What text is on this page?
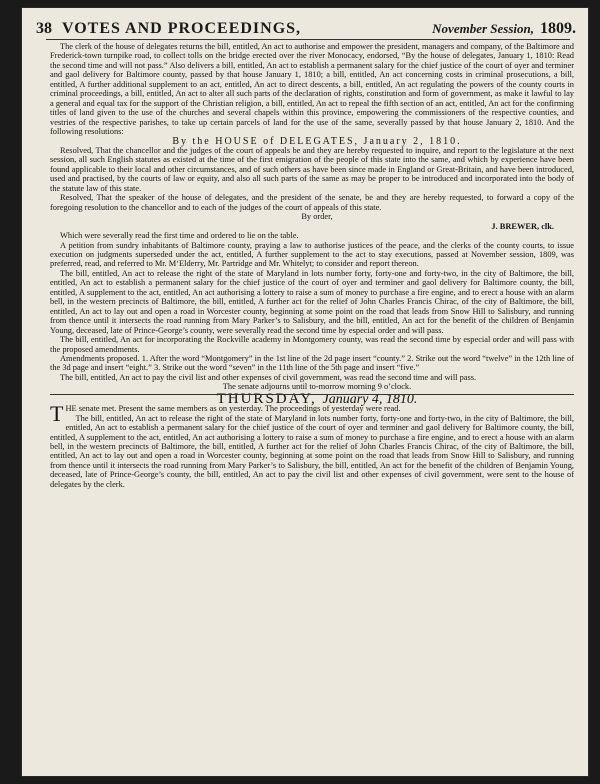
38 VOTES AND PROCEEDINGS,	November Session, 1809.

The clerk of the house of delegates returns the bill, entitled, An act to authorise and empower the president, managers and company, of the Baltimore and Frederick-town turnpike road, to collect tolls on the bridge erected over the river Monocacy, endorsed, “By the house of delegates, January 1, 1810: Read the second time and will not pass.” Also delivers a bill, entitled, An act to establish a permanent salary for the chief justice of the court of oyer and terminer and gaol delivery for Baltimore county, passed by that house January 1, 1810; a bill, entitled, An act concerning costs in criminal prosecutions, a bill, entitled, A further additional supplement to an act, entitled, An act to direct descents, a bill, entitled, An act regulating the powers of the county courts in criminal proceedings, a bill, entitled, An act to alter all such parts of the declaration of rights, constitution and form of government, as make it lawful to lay a general and equal tax for the support of the Christian religion, a bill, entitled, An act to repeal the fifth section of an act, entitled, An act for the confirming titles of land given to the use of the churches and several chapels within this province, empowering the commissioners of the respective counties, and vestries of the respective parishes, to take up certain parcels of land for the use of the same, severally passed by that house January 2, 1810. And the following resolutions:

By the HOUSE of DELEGATES, January 2, 1810.

Resolved, That the chancellor and the judges of the court of appeals be and they are hereby requested to inquire, and report to the legislature at the next session, all such English statutes as existed at the time of the first emigration of the people of this state into the same, and which by experience have been found applicable to their local and other circumstances, and of such others as have been since made in England or Great-Britain, and have been introduced, used and practised, by the courts of law or equity, and also all such parts of the same as may be proper to be introduced and incorporated into the body of the statute law of this state.

Resolved, That the speaker of the house of delegates, and the president of the senate, be and they are hereby requested, to forward a copy of the foregoing resolution to the chancellor and to each of the judges of the court of appeals of this state.

By order,

J. BREWER, clk.

Which were severally read the first time and ordered to lie on the table.

A petition from sundry inhabitants of Baltimore county, praying a law to authorise justices of the peace, and the clerks of the county courts, to issue execution on judgments superseded under the act, entitled, A further supplement to the act to stay executions, passed at November session, 1809, was preferred, read, and referred to Mr. M‘Elderry, Mr. Partridge and Mr. Whitelyt; to consider and report thereon.

The bill, entitled, An act to release the right of the state of Maryland in lots number forty, forty-one and forty-two, in the city of Baltimore, the bill, entitled, An act to establish a permanent salary for the chief justice of the court of oyer and terminer and gaol delivery for Baltimore county, the bill, entitled, A supplement to the act, entitled, An act authorising a lottery to raise a sum of money to purchase a fire engine, and to erect a house with an alarm bell, in the western precincts of Baltimore, the bill, entitled, A further act for the relief of John Charles Francis Chirac, of the city of Baltimore, the bill, entitled, An act to lay out and open a road in Worcester county, beginning at some point on the road that leads from Snow Hill to Salisbury, and running from thence until it intersects the road running from Mary Parker’s to Salisbury, and the bill, entitled, An act for the benefit of the children of Benjamin Young, deceased, late of Prince-George’s county, were severally read the second time by especial order and will pass.

The bill, entitled, An act for incorporating the Rockville academy in Montgomery county, was read the second time by especial order and will pass with the proposed amendments.

Amendments proposed. 1. After the word “Montgomery” in the 1st line of the 2d page insert “county.” 2. Strike out the word “twelve” in the 12th line of the 3d page and insert “eight.” 3. Strike out the word “seven” in the 11th line of the 5th page and insert “five.”

The bill, entitled, An act to pay the civil list and other expenses of civil government, was read the second time and will pass.

The senate adjourns until to-morrow morning 9 o’clock.

THURSDAY, January 4, 1810.

THE senate met. Present the same members as on yesterday. The proceedings of yesterday were read.

The bill, entitled, An act to release the right of the state of Maryland in lots number forty, forty-one and forty-two, in the city of Baltimore, the bill, entitled, An act to establish a permanent salary for the chief justice of the court of oyer and terminer and gaol delivery for Baltimore county, the bill, entitled, A supplement to the act, entitled, An act authorising a lottery to raise a sum of money to purchase a fire engine, and to erect a house with an alarm bell, in the western precincts of Baltimore, the bill, entitled, A further act for the relief of John Charles Francis Chirac, of the city of Baltimore, the bill, entitled, An act to lay out and open a road in Worcester county, beginning at some point on the road that leads from Snow Hill to Salisbury, and running from thence until it intersects the road running from Mary Parker’s to Salisbury, the bill, entitled, An act for the benefit of the children of Benjamin Young, deceased, late of Prince-George’s county, the bill, entitled, An act to pay the civil list and other expenses of civil government, were sent to the house of delegates by the clerk.
